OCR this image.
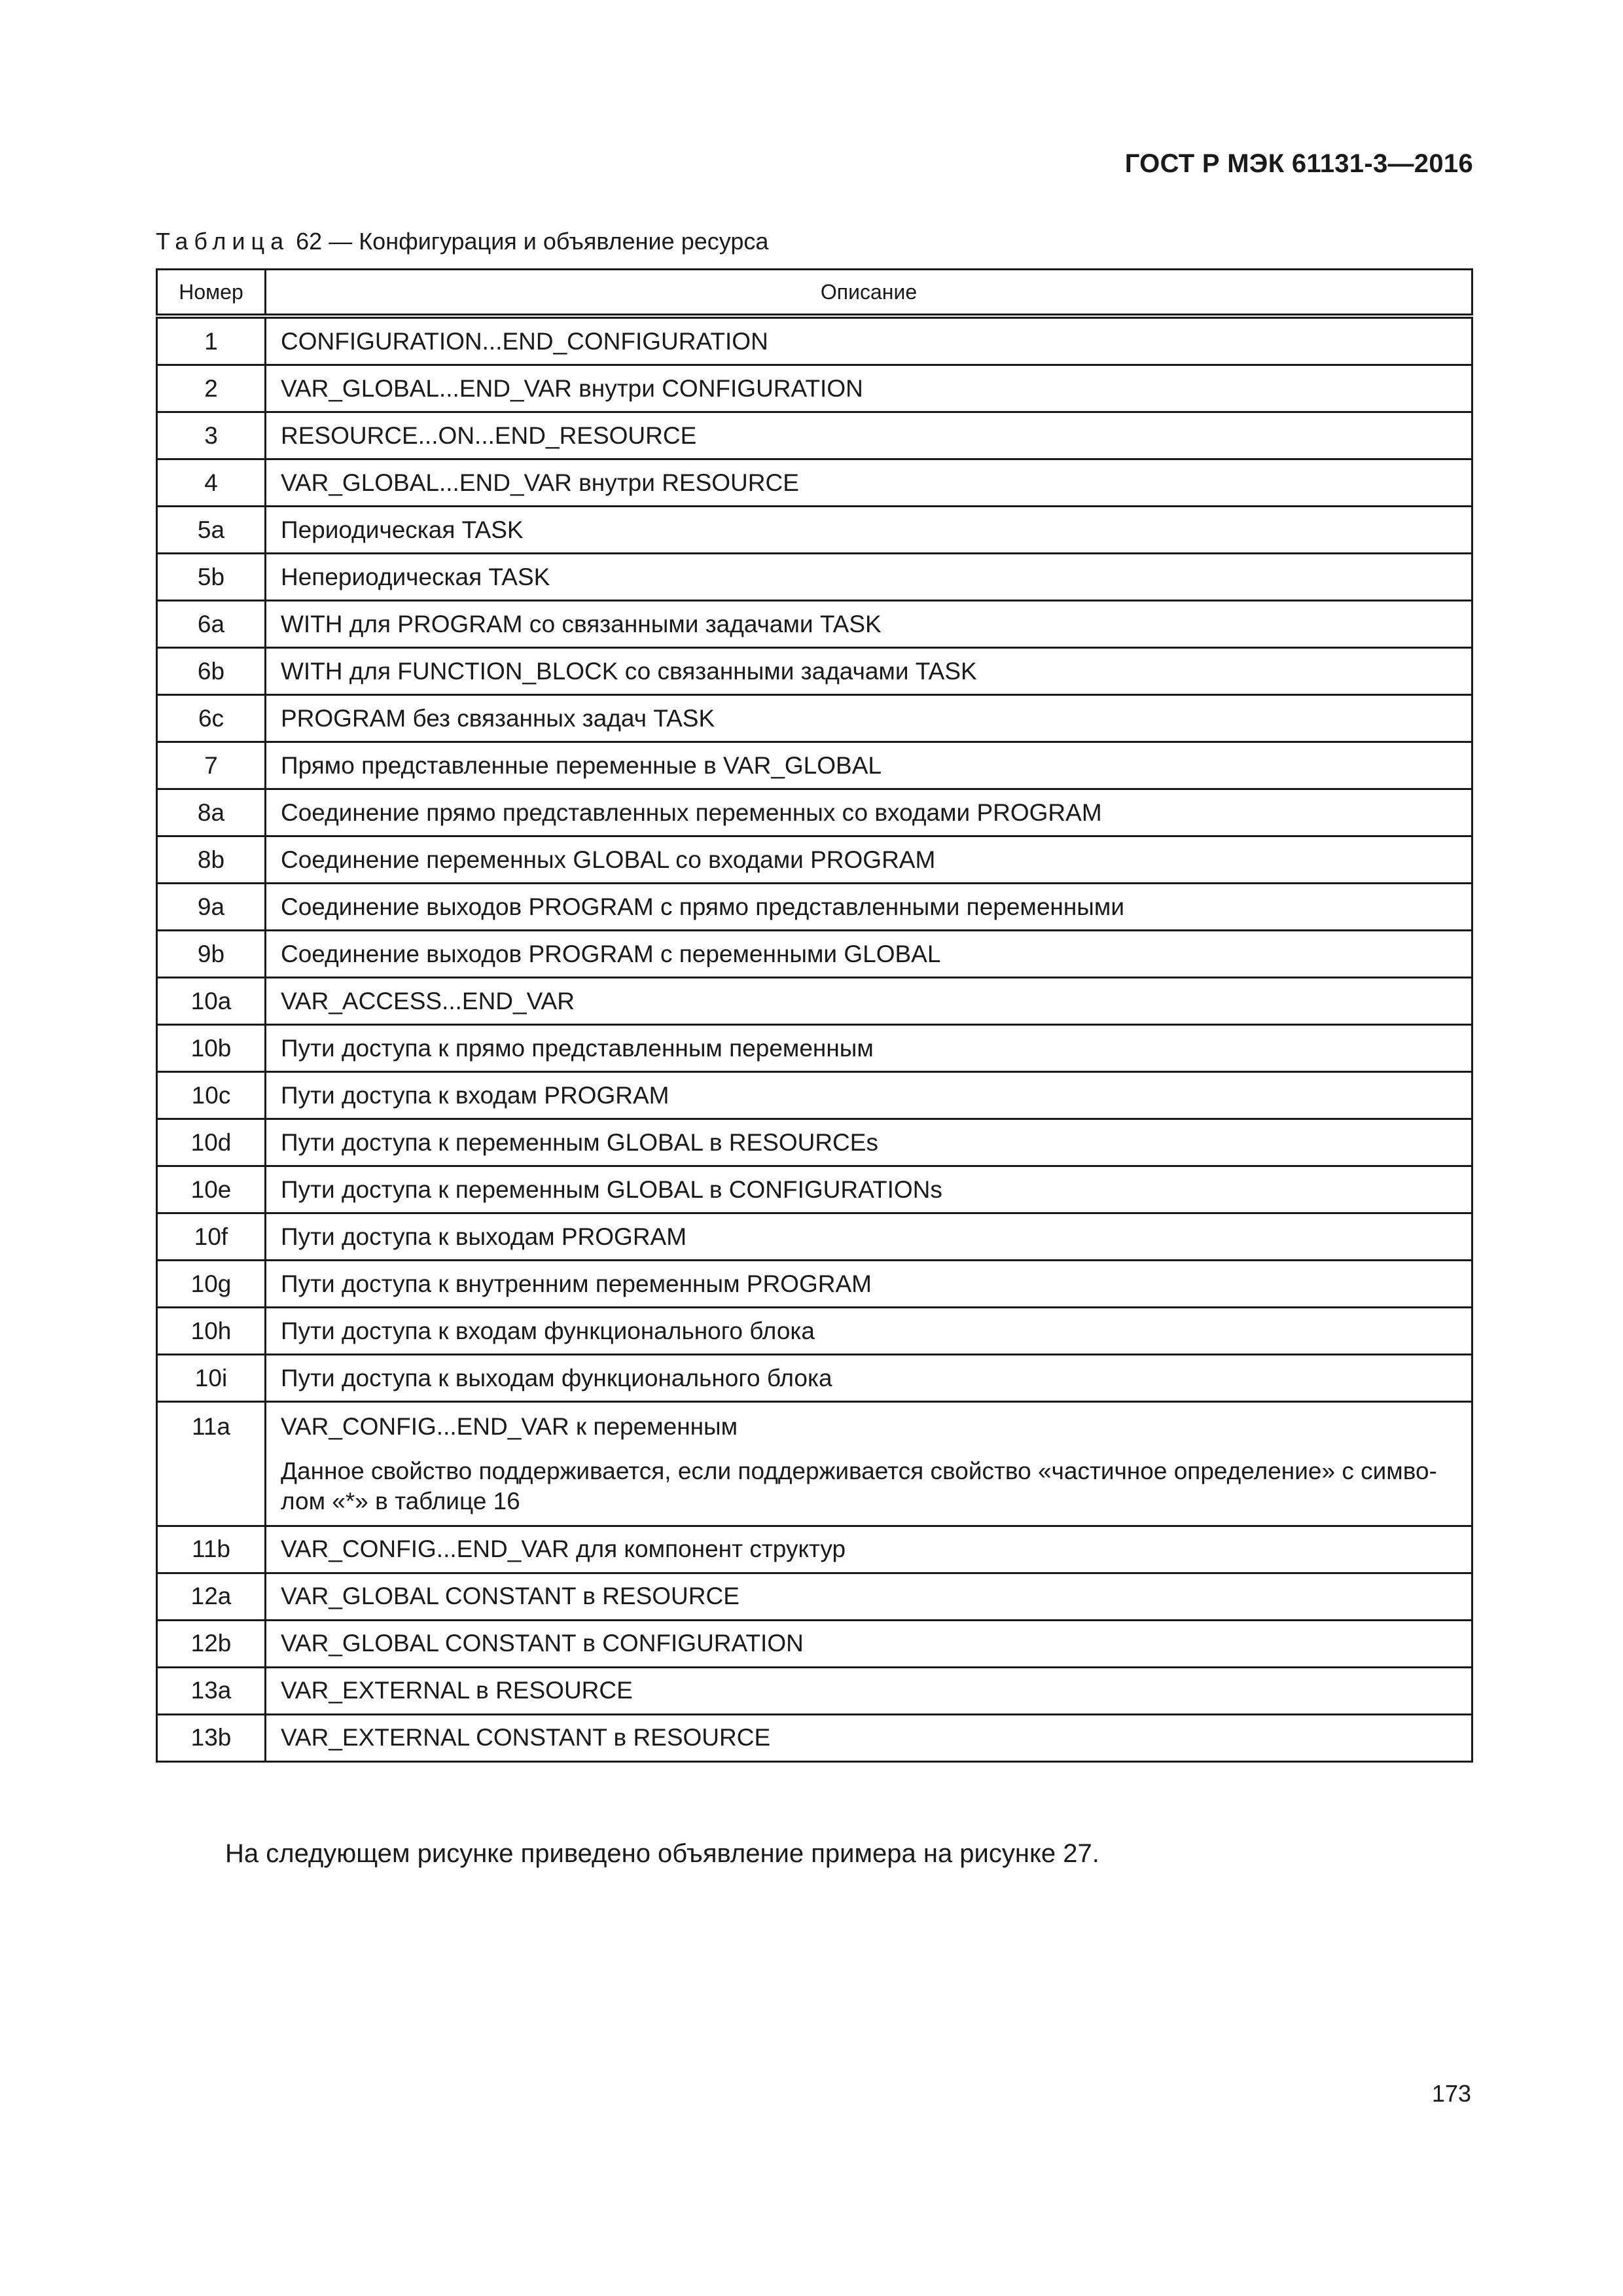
ГОСТ Р МЭК 61131-3—2016
Таблица 62 — Конфигурация и объявление ресурса
Номер	Описание
1	CONFIGURATION...END_CONFIGURATION
2	VAR_GLOBAL...END_VAR внутри CONFIGURATION
3	RESOURCE...ON...END_RESOURCE
4	VAR_GLOBAL...END_VAR внутри RESOURCE
5a	Периодическая TASK
5b	Непериодическая TASK
6a	WITH для PROGRAM со связанными задачами TASK
6b	WITH для FUNCTION_BLOCK со связанными задачами TASK
6c	PROGRAM без связанных задач TASK
7	Прямо представленные переменные в VAR_GLOBAL
8a	Соединение прямо представленных переменных со входами PROGRAM
8b	Соединение переменных GLOBAL со входами PROGRAM
9a	Соединение выходов PROGRAM с прямо представленными переменными
9b	Соединение выходов PROGRAM с переменными GLOBAL
10a	VAR_ACCESS...END_VAR
10b	Пути доступа к прямо представленным переменным
10c	Пути доступа к входам PROGRAM
10d	Пути доступа к переменным GLOBAL в RESOURCEs
10e	Пути доступа к переменным GLOBAL в CONFIGURATIONs
10f	Пути доступа к выходам PROGRAM
10g	Пути доступа к внутренним переменным PROGRAM
10h	Пути доступа к входам функционального блока
10i	Пути доступа к выходам функционального блока
11a	VAR_CONFIG...END_VAR к переменным
Данное свойство поддерживается, если поддерживается свойство «частичное определение» с симво-лом «*» в таблице 16

11b	VAR_CONFIG...END_VAR для компонент структур
12a	VAR_GLOBAL CONSTANT в RESOURCE
12b	VAR_GLOBAL CONSTANT в CONFIGURATION
13a	VAR_EXTERNAL в RESOURCE
13b	VAR_EXTERNAL CONSTANT в RESOURCE
На следующем рисунке приведено объявление примера на рисунке 27.
173
